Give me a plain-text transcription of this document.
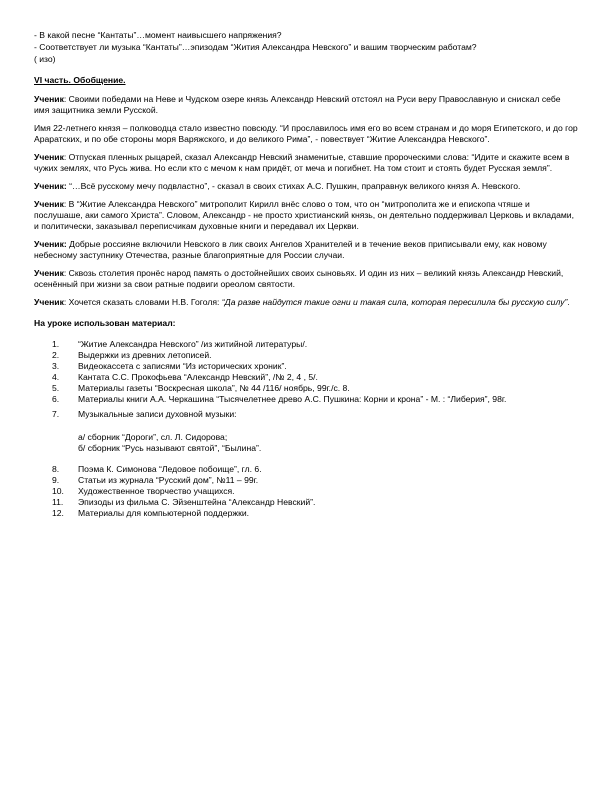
- В какой песне “Кантаты”…момент наивысшего напряжения?

- Соответствует ли музыка “Кантаты”…эпизодам “Жития Александра Невского” и вашим творческим работам?

( изо)

VI часть. Обобщение.

Ученик: Своими победами на Неве и Чудском озере князь Александр Невский отстоял на Руси веру Православную и снискал себе имя защитника земли Русской.

Имя 22-летнего князя – полководца стало известно повсюду. “И прославилось имя его во всем странам и до моря Египетского, и до гор Араратских, и по обе стороны моря Варяжского, и до великого Рима”, - повествует “Житие Александра Невского”.

Ученик: Отпуская пленных рыцарей, сказал Александр Невский знаменитые, ставшие пророческими слова: “Идите и скажите всем в чужих землях, что Русь жива. Но если кто с мечом к нам придёт, от меча и погибнет. На том стоит и стоять будет Русская земля”.

Ученик: “…Всё русскому мечу подвластно”, - сказал в своих стихах А.С. Пушкин, праправнук великого князя А. Невского.

Ученик: В “Житие Александра Невского” митрополит Кирилл внёс слово о том, что он “митрополита же и епископа чтяше и послушаше, аки самого Христа”. Словом, Александр - не просто христианский князь, он деятельно поддерживал Церковь и вкладами, и политически, заказывал переписчикам духовные книги и передавал их Церкви.

Ученик: Добрые россияне включили Невского в лик своих Ангелов Хранителей и в течение веков приписывали ему, как новому небесному заступнику Отечества, разные благоприятные для России случаи.

Ученик: Сквозь столетия пронёс народ память о достойнейших своих сыновьях. И один из них – великий князь Александр Невский, осенённый при жизни за свои ратные подвиги ореолом святости.

Ученик: Хочется сказать словами Н.В. Гоголя: “Да разве найдутся такие огни и такая сила, которая пересилила бы русскую силу”.

На уроке использован материал:

1. “Житие Александра Невского” /из житийной литературы/.
2. Выдержки из древних летописей.
3. Видеокассета с записями “Из исторических хроник”.
4. Кантата С.С. Прокофьева “Александр Невский”, /№ 2, 4 , 5/.
5. Материалы газеты “Воскресная школа”, № 44 /116/ ноябрь, 99г./с. 8.
6. Материалы книги А.А. Черкашина “Тысячелетнее древо А.С. Пушкина: Корни и крона” - М. : “Либерия”, 98г.
7. Музыкальные записи духовной музыки:

а/ сборник “Дороги”, сл. Л. Сидорова;

б/ сборник “Русь называют святой”, “Былина”.

8. Поэма К. Симонова “Ледовое побоище”, гл. 6.
9. Статьи из журнала “Русский дом”, №11 – 99г.
10. Художественное творчество учащихся.
11. Эпизоды из фильма С. Эйзенштейна “Александр Невский”.
12. Материалы для компьютерной поддержки.
